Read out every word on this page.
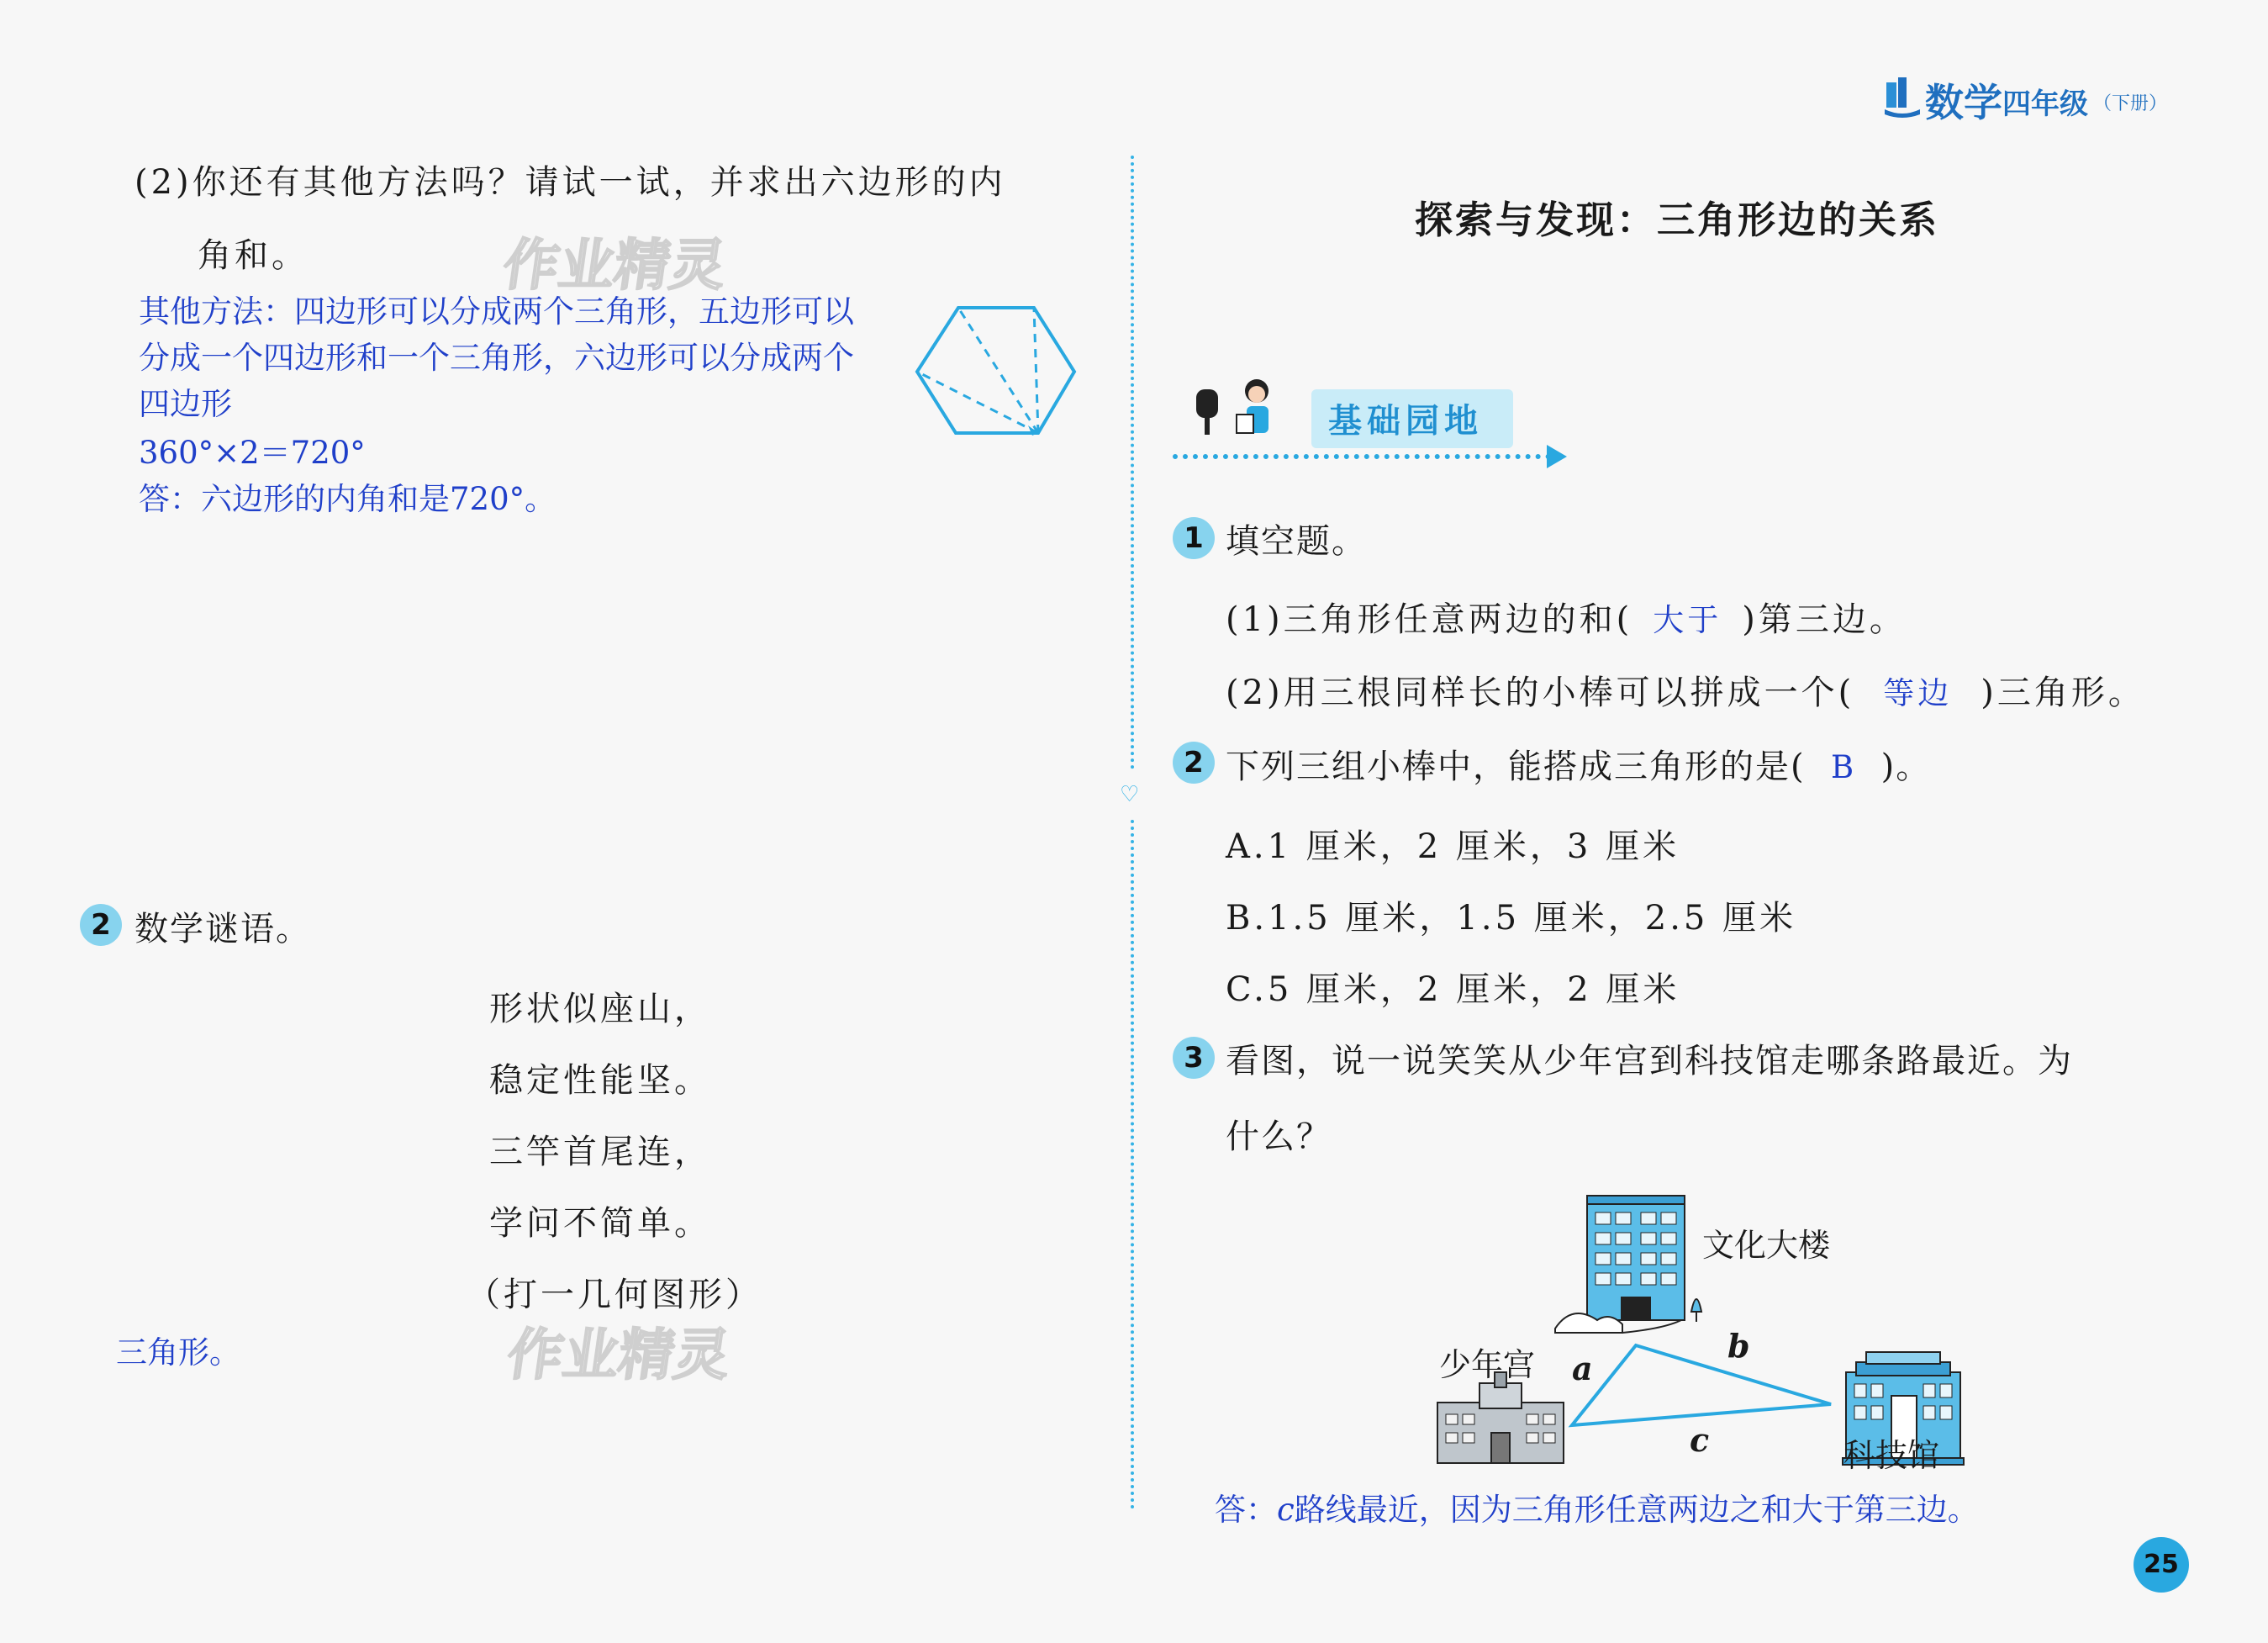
数学 四年级 （下册）
♡
(2)你还有其他方法吗？请试一试，并求出六边形的内
角和。	作业精灵
其他方法：四边形可以分成两个三角形，五边形可以
分成一个四边形和一个三角形，六边形可以分成两个
四边形
360°×2＝720°
答：六边形的内角和是720°。
2 数学谜语。
形状似座山，
稳定性能坚。
三竿首尾连，
学问不简单。
（打一几何图形）
三角形。	作业精灵
探索与发现：三角形边的关系
基础园地
1 填空题。
(1)三角形任意两边的和( 大于 )第三边。
(2)用三根同样长的小棒可以拼成一个( 等边 )三角形。
2 下列三组小棒中，能搭成三角形的是( B )。
A.1 厘米，2 厘米，3 厘米
B.1.5 厘米，1.5 厘米，2.5 厘米
C.5 厘米，2 厘米，2 厘米
3 看图，说一说笑笑从少年宫到科技馆走哪条路最近。为
什么？
文化大楼
少年宫
科技馆
a
b
c
答：c路线最近，因为三角形任意两边之和大于第三边。
25
